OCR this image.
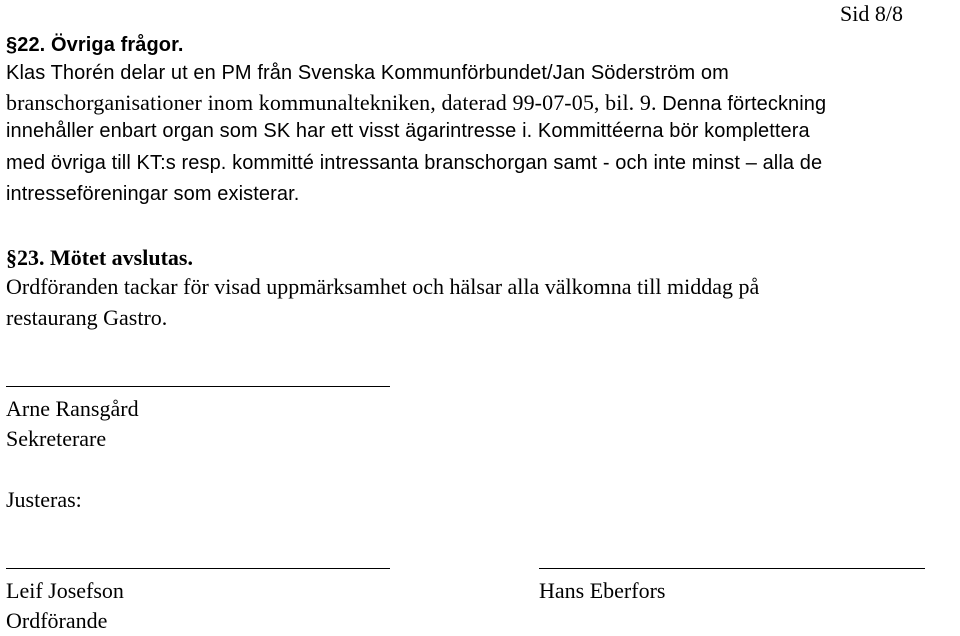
Sid 8/8
§22. Övriga frågor.
Klas Thorén delar ut en PM från Svenska Kommunförbundet/Jan Söderström om
branschorganisationer inom kommunaltekniken, daterad 99-07-05, bil. 9. Denna förteckning
innehåller enbart organ som SK har ett visst ägarintresse i. Kommittéerna bör komplettera
med övriga till KT:s resp. kommitté intressanta branschorgan samt - och inte minst – alla de
intresseföreningar som existerar.
§23. Mötet avslutas.
Ordföranden tackar för visad uppmärksamhet och hälsar alla välkomna till middag på
restaurang Gastro.
Arne Ransgård
Sekreterare
Justeras:
Leif Josefson
Ordförande
Hans Eberfors
